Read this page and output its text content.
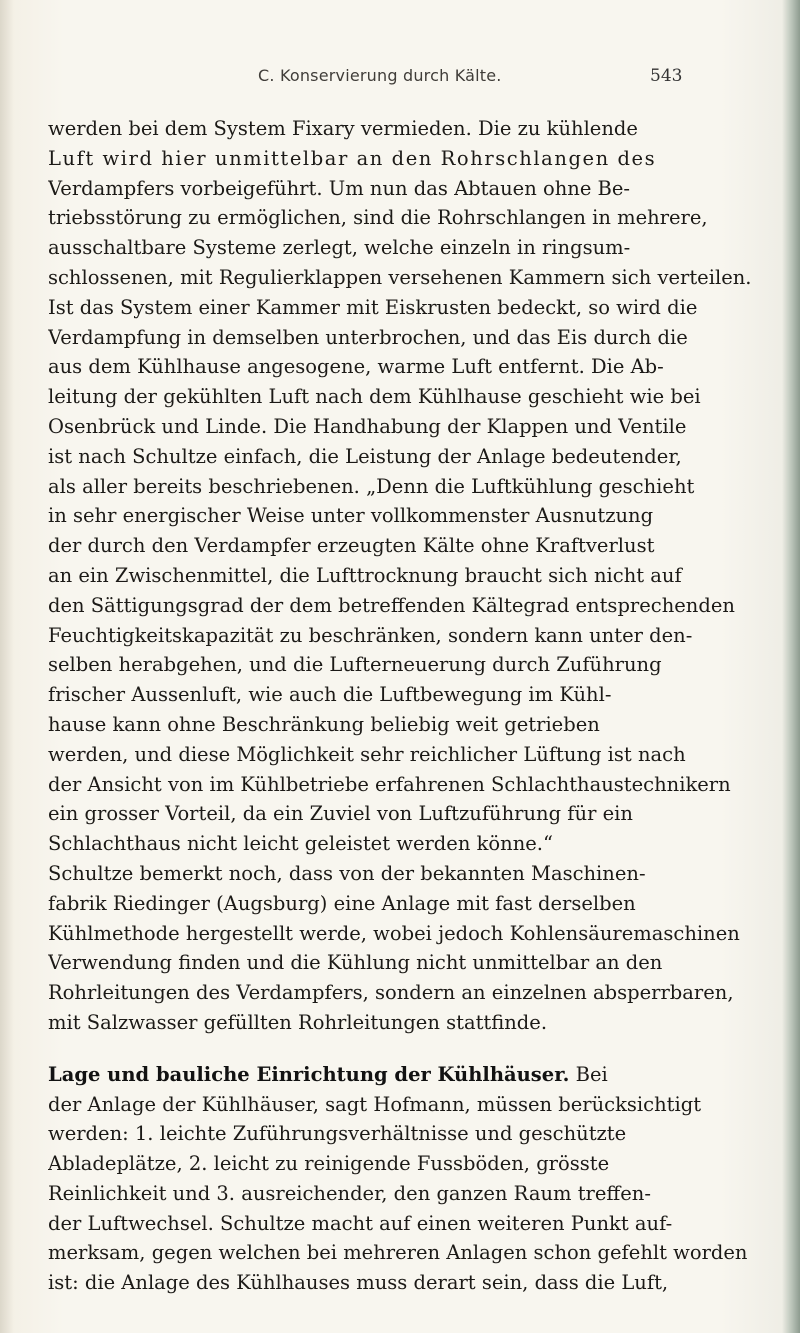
C. Konservierung durch Kälte.	543
werden bei dem System Fixary vermieden. Die zu kühlende
Luft wird hier unmittelbar an den Rohrschlangen des
Verdampfers vorbeigeführt. Um nun das Abtauen ohne Be-
triebsstörung zu ermöglichen, sind die Rohrschlangen in mehrere,
ausschaltbare Systeme zerlegt, welche einzeln in ringsum-
schlossenen, mit Regulierklappen versehenen Kammern sich verteilen.
Ist das System einer Kammer mit Eiskrusten bedeckt, so wird die
Verdampfung in demselben unterbrochen, und das Eis durch die
aus dem Kühlhause angesogene, warme Luft entfernt. Die Ab-
leitung der gekühlten Luft nach dem Kühlhause geschieht wie bei
Osenbrück und Linde. Die Handhabung der Klappen und Ventile
ist nach Schultze einfach, die Leistung der Anlage bedeutender,
als aller bereits beschriebenen. „Denn die Luftkühlung geschieht
in sehr energischer Weise unter vollkommenster Ausnutzung
der durch den Verdampfer erzeugten Kälte ohne Kraftverlust
an ein Zwischenmittel, die Lufttrocknung braucht sich nicht auf
den Sättigungsgrad der dem betreffenden Kältegrad entsprechenden
Feuchtigkeitskapazität zu beschränken, sondern kann unter den-
selben herabgehen, und die Lufterneuerung durch Zuführung
frischer Aussenluft, wie auch die Luftbewegung im Kühl-
hause kann ohne Beschränkung beliebig weit getrieben
werden, und diese Möglichkeit sehr reichlicher Lüftung ist nach
der Ansicht von im Kühlbetriebe erfahrenen Schlachthaustechnikern
ein grosser Vorteil, da ein Zuviel von Luftzuführung für ein
Schlachthaus nicht leicht geleistet werden könne.“
Schultze bemerkt noch, dass von der bekannten Maschinen-
fabrik Riedinger (Augsburg) eine Anlage mit fast derselben
Kühlmethode hergestellt werde, wobei jedoch Kohlensäuremaschinen
Verwendung finden und die Kühlung nicht unmittelbar an den
Rohrleitungen des Verdampfers, sondern an einzelnen absperrbaren,
mit Salzwasser gefüllten Rohrleitungen stattfinde.
Lage und bauliche Einrichtung der Kühlhäuser. Bei
der Anlage der Kühlhäuser, sagt Hofmann, müssen berücksichtigt
werden: 1. leichte Zuführungsverhältnisse und geschützte
Abladeplätze, 2. leicht zu reinigende Fussböden, grösste
Reinlichkeit und 3. ausreichender, den ganzen Raum treffen-
der Luftwechsel. Schultze macht auf einen weiteren Punkt auf-
merksam, gegen welchen bei mehreren Anlagen schon gefehlt worden
ist: die Anlage des Kühlhauses muss derart sein, dass die Luft,
